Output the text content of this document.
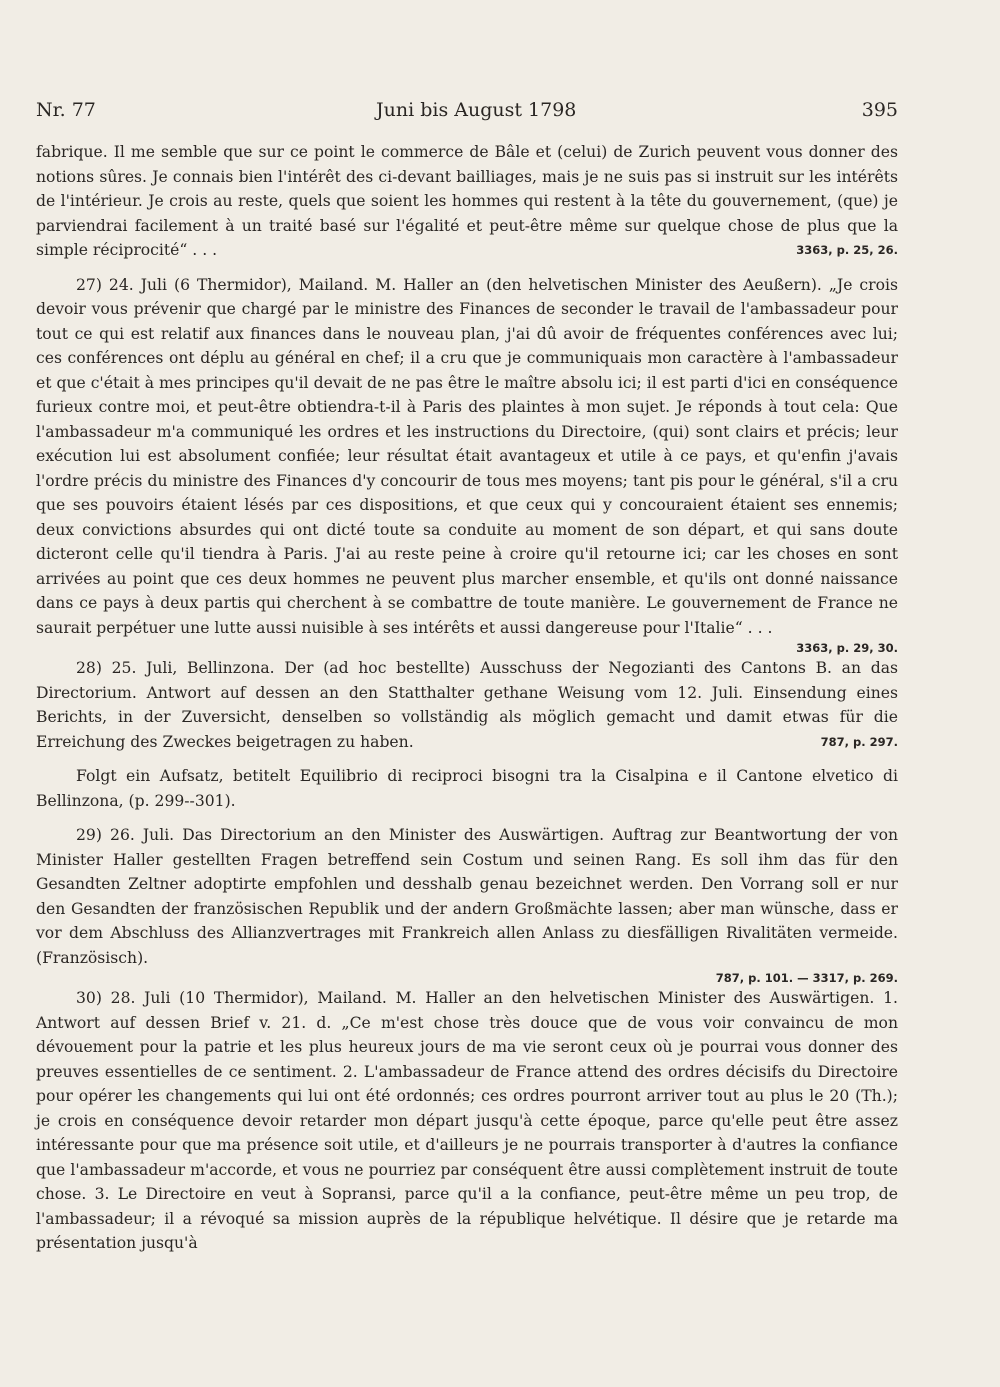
Nr. 77	Juni bis August 1798	395

fabrique. Il me semble que sur ce point le commerce de Bâle et (celui) de Zurich peuvent vous donner des notions sûres. Je connais bien l'intérêt des ci-devant bailliages, mais je ne suis pas si instruit sur les intérêts de l'intérieur. Je crois au reste, quels que soient les hommes qui restent à la tête du gouvernement, (que) je parviendrai facilement à un traité basé sur l'égalité et peut-être même sur quelque chose de plus que la simple réciprocité“ . . .	3363, p. 25, 26.

27) 24. Juli (6 Thermidor), Mailand. M. Haller an (den helvetischen Minister des Aeußern). „Je crois devoir vous prévenir que chargé par le ministre des Finances de seconder le travail de l'ambassadeur pour tout ce qui est relatif aux finances dans le nouveau plan, j'ai dû avoir de fréquentes conférences avec lui; ces conférences ont déplu au général en chef; il a cru que je communiquais mon caractère à l'ambassadeur et que c'était à mes principes qu'il devait de ne pas être le maître absolu ici; il est parti d'ici en conséquence furieux contre moi, et peut-être obtiendra-t-il à Paris des plaintes à mon sujet. Je réponds à tout cela: Que l'ambassadeur m'a communiqué les ordres et les instructions du Directoire, (qui) sont clairs et précis; leur exécution lui est absolument confiée; leur résultat était avantageux et utile à ce pays, et qu'enfin j'avais l'ordre précis du ministre des Finances d'y concourir de tous mes moyens; tant pis pour le général, s'il a cru que ses pouvoirs étaient lésés par ces dispositions, et que ceux qui y concouraient étaient ses ennemis; deux convictions absurdes qui ont dicté toute sa conduite au moment de son départ, et qui sans doute dicteront celle qu'il tiendra à Paris. J'ai au reste peine à croire qu'il retourne ici; car les choses en sont arrivées au point que ces deux hommes ne peuvent plus marcher ensemble, et qu'ils ont donné naissance dans ce pays à deux partis qui cherchent à se combattre de toute manière. Le gouvernement de France ne saurait perpétuer une lutte aussi nuisible à ses intérêts et aussi dangereuse pour l'Italie“ . . .

3363, p. 29, 30.

28) 25. Juli, Bellinzona. Der (ad hoc bestellte) Ausschuss der Negozianti des Cantons B. an das Directorium. Antwort auf dessen an den Statthalter gethane Weisung vom 12. Juli. Einsendung eines Berichts, in der Zuversicht, denselben so vollständig als möglich gemacht und damit etwas für die Erreichung des Zweckes beigetragen zu haben.	787, p. 297.

Folgt ein Aufsatz, betitelt Equilibrio di reciproci bisogni tra la Cisalpina e il Cantone elvetico di Bellinzona, (p. 299--301).

29) 26. Juli. Das Directorium an den Minister des Auswärtigen. Auftrag zur Beantwortung der von Minister Haller gestellten Fragen betreffend sein Costum und seinen Rang. Es soll ihm das für den Gesandten Zeltner adoptirte empfohlen und desshalb genau bezeichnet werden. Den Vorrang soll er nur den Gesandten der französischen Republik und der andern Großmächte lassen; aber man wünsche, dass er vor dem Abschluss des Allianzvertrages mit Frankreich allen Anlass zu diesfälligen Rivalitäten vermeide. (Französisch).

787, p. 101. — 3317, p. 269.

30) 28. Juli (10 Thermidor), Mailand. M. Haller an den helvetischen Minister des Auswärtigen. 1. Antwort auf dessen Brief v. 21. d. „Ce m'est chose très douce que de vous voir convaincu de mon dévouement pour la patrie et les plus heureux jours de ma vie seront ceux où je pourrai vous donner des preuves essentielles de ce sentiment. 2. L'ambassadeur de France attend des ordres décisifs du Directoire pour opérer les changements qui lui ont été ordonnés; ces ordres pourront arriver tout au plus le 20 (Th.); je crois en conséquence devoir retarder mon départ jusqu'à cette époque, parce qu'elle peut être assez intéressante pour que ma présence soit utile, et d'ailleurs je ne pourrais transporter à d'autres la confiance que l'ambassadeur m'accorde, et vous ne pourriez par conséquent être aussi complètement instruit de toute chose. 3. Le Directoire en veut à Sopransi, parce qu'il a la confiance, peut-être même un peu trop, de l'ambassadeur; il a révoqué sa mission auprès de la république helvétique. Il désire que je retarde ma présentation jusqu'à
